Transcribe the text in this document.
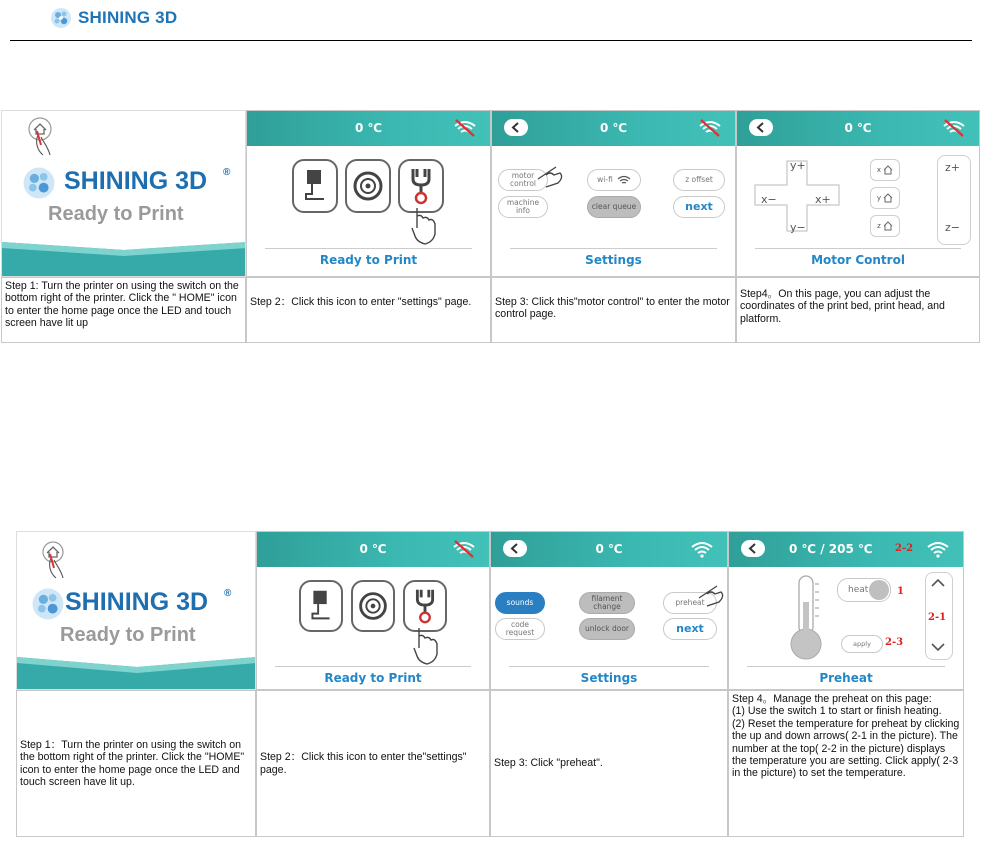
SHINING 3D
SHINING 3D ®
Ready to Print
0 ℃
Ready to Print
0 ℃
motor control	wi-fi	z offset
machine info	clear queue	next
Settings
0 ℃
y+
x−	x+
y−
x
y
z
z+
z−
Motor Control
Step 1: Turn the printer on using the switch on the bottom right of the printer. Click the " HOME" icon to enter the home page once the LED and touch screen have lit up
Step 2：Click this icon to enter "settings" page.	Step 3: Click this"motor control" to enter the motor control page.
Step4。On this page, you can adjust the coordinates of the print bed, print head, and platform.
SHINING 3D ®
Ready to Print
0 ℃
Ready to Print
0 ℃
sounds	filament change	preheat
code request	unlock door	next
Settings
0 ℃ / 205 ℃ 2-2
heat	1
apply	2-3
2-1
Preheat
Step 1：Turn the printer on using the switch on the bottom right of the printer. Click the "HOME" icon to enter the home page once the LED and touch screen have lit up.
Step 2：Click this icon to enter the"settings" page.
Step 3: Click "preheat".
Step 4。Manage the preheat on this page:
(1) Use the switch 1 to start or finish heating.
(2) Reset the temperature for preheat by clicking the up and down arrows( 2-1 in the picture). The number at the top( 2-2 in the picture) displays the temperature you are setting. Click apply( 2-3 in the picture) to set the temperature.
